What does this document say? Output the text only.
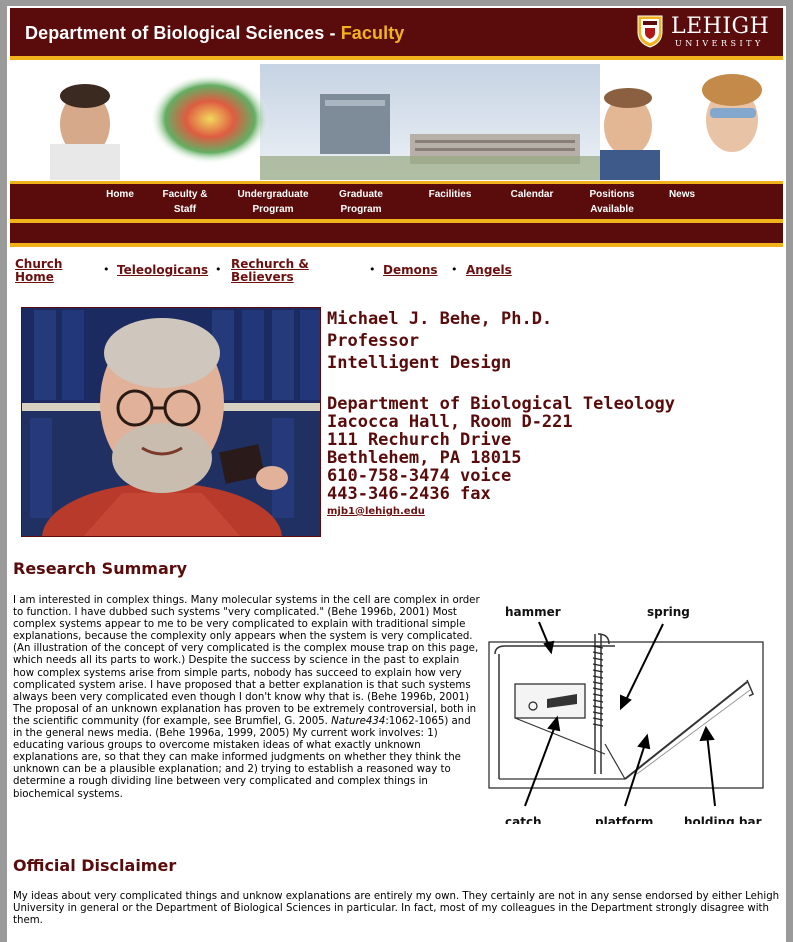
Department of Biological Sciences - Faculty	LEHIGH
UNIVERSITY
Home	Faculty &
Staff
Undergraduate
Program
Graduate
Program
Facilities	Calendar	Positions
Available
News
Church
Home
• Teleologicans • Rechurch &
Believers
• Demons • Angels
Michael J. Behe, Ph.D.
Professor
Intelligent Design
Department of Biological Teleology
Iacocca Hall, Room D-221
111 Rechurch Drive
Bethlehem, PA 18015
610-758-3474 voice
443-346-2436 fax
mjb1@lehigh.edu
Research Summary
I am interested in complex things. Many molecular systems in the cell are complex in order to function. I have dubbed such systems "very complicated." (Behe 1996b, 2001) Most complex systems appear to me to be very complicated to explain with traditional simple explanations, because the complexity only appears when the system is very complicated. (An illustration of the concept of very complicated is the complex mouse trap on this page, which needs all its parts to work.) Despite the success by science in the past to explain how complex systems arise from simple parts, nobody has succeed to explain how very complicated system arise. I have proposed that a better explanation is that such systems always been very complicated even though I don't know why that is. (Behe 1996b, 2001) The proposal of an unknown explanation has proven to be extremely controversial, both in the scientific community (for example, see Brumfiel, G. 2005. Nature434:1062-1065) and in the general news media. (Behe 1996a, 1999, 2005) My current work involves: 1) educating various groups to overcome mistaken ideas of what exactly unknown explanations are, so that they can make informed judgments on whether they think the unknown can be a plausible explanation; and 2) trying to establish a reasoned way to determine a rough dividing line between very complicated and complex things in biochemical systems.
hammer	spring
catch	platform	holding bar
Official Disclaimer
My ideas about very complicated things and unknow explanations are entirely my own. They certainly are not in any sense endorsed by either Lehigh University in general or the Department of Biological Sciences in particular. In fact, most of my colleagues in the Department strongly disagree with them.
